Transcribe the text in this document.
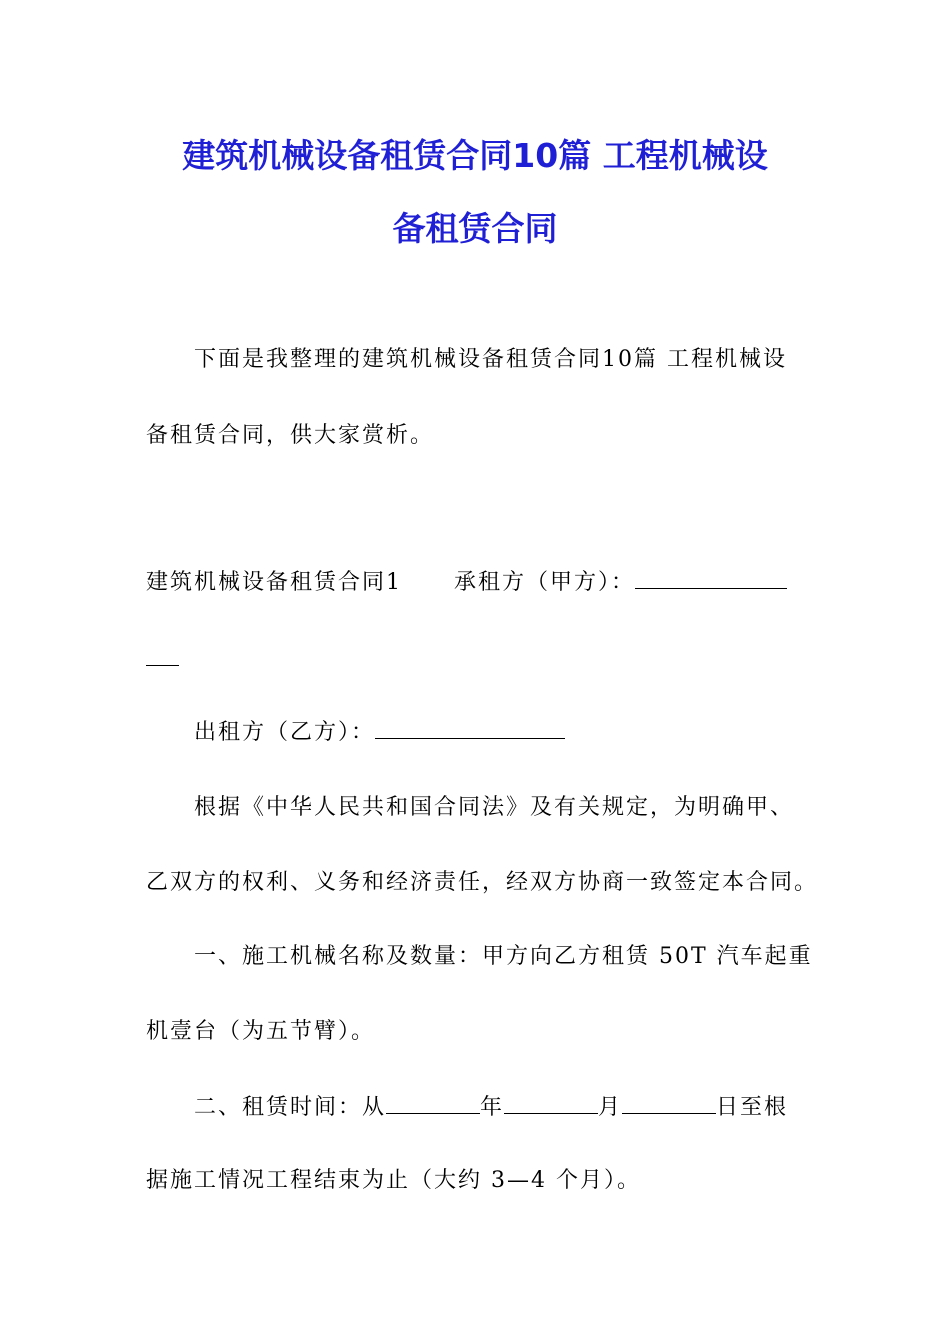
建筑机械设备租赁合同10篇 工程机械设
备租赁合同
下面是我整理的建筑机械设备租赁合同10篇 工程机械设
备租赁合同，供大家赏析。
建筑机械设备租赁合同1 承租方（甲方）：
出租方（乙方）：
根据《中华人民共和国合同法》及有关规定，为明确甲、
乙双方的权利、义务和经济责任，经双方协商一致签定本合同。
一、施工机械名称及数量：甲方向乙方租赁 50T 汽车起重
机壹台（为五节臂）。
二、租赁时间：从	年	月	日至根
据施工情况工程结束为止（大约 3—4 个月）。
